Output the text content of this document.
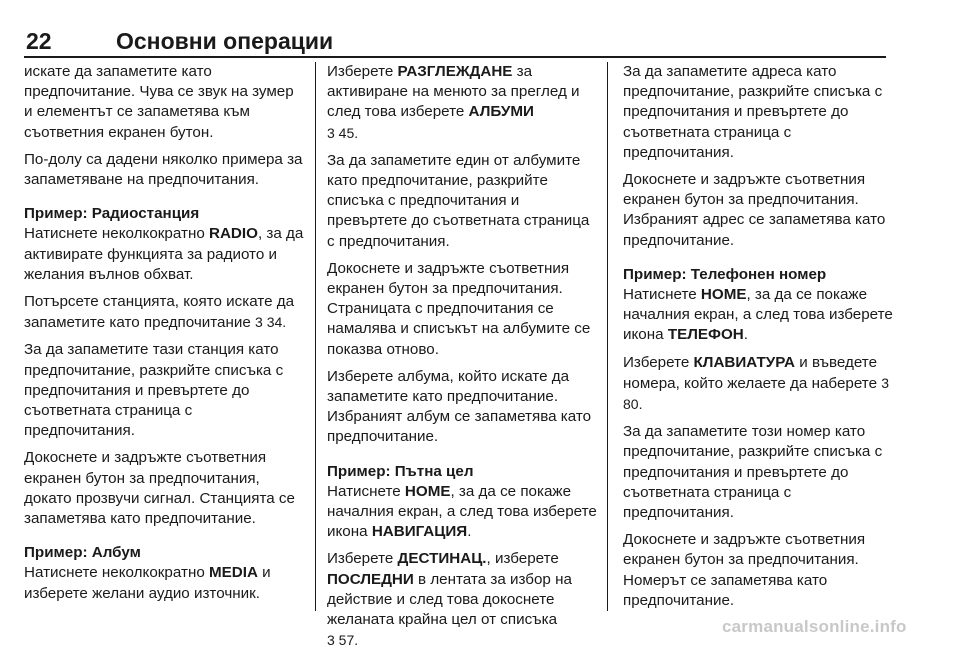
22	Основни операции

искате да запаметите като предпочитание. Чува се звук на зумер и елементът се запаметява към съответния екранен бутон.

По-долу са дадени няколко примера за запаметяване на предпочитания.

Пример: Радиостанция

Натиснете неколкократно RADIO, за да активирате функцията за радиото и желания вълнов обхват.

Потърсете станцията, която искате да запаметите като предпочитание 3 34.

За да запаметите тази станция като предпочитание, разкрийте списъка с предпочитания и превъртете до съответната страница с предпочитания.

Докоснете и задръжте съответния екранен бутон за предпочитания, докато прозвучи сигнал. Станцията се запаметява като предпочитание.

Пример: Албум

Натиснете неколкократно MEDIA и изберете желани аудио източник.

Изберете РАЗГЛЕЖДАНЕ за активиране на менюто за преглед и след това изберете АЛБУМИ
3 45.

За да запаметите един от албумите като предпочитание, разкрийте списъка с предпочитания и превъртете до съответната страница с предпочитания.

Докоснете и задръжте съответния екранен бутон за предпочитания. Страницата с предпочитания се намалява и списъкът на албумите се показва отново.

Изберете албума, който искате да запаметите като предпочитание. Избраният албум се запаметява като предпочитание.

Пример: Пътна цел

Натиснете HOME, за да се покаже началния екран, а след това изберете икона НАВИГАЦИЯ.

Изберете ДЕСТИНАЦ., изберете ПОСЛЕДНИ в лентата за избор на действие и след това докоснете желаната крайна цел от списъка
3 57.

За да запаметите адреса като предпочитание, разкрийте списъка с предпочитания и превъртете до съответната страница с предпочитания.

Докоснете и задръжте съответния екранен бутон за предпочитания. Избраният адрес се запаметява като предпочитание.

Пример: Телефонен номер

Натиснете HOME, за да се покаже началния екран, а след това изберете икона ТЕЛЕФОН.

Изберете КЛАВИАТУРА и въведете номера, който желаете да наберете 3 80.

За да запаметите този номер като предпочитание, разкрийте списъка с предпочитания и превъртете до съответната страница с предпочитания.

Докоснете и задръжте съответния екранен бутон за предпочитания. Номерът се запаметява като предпочитание.

carmanualsonline.info
